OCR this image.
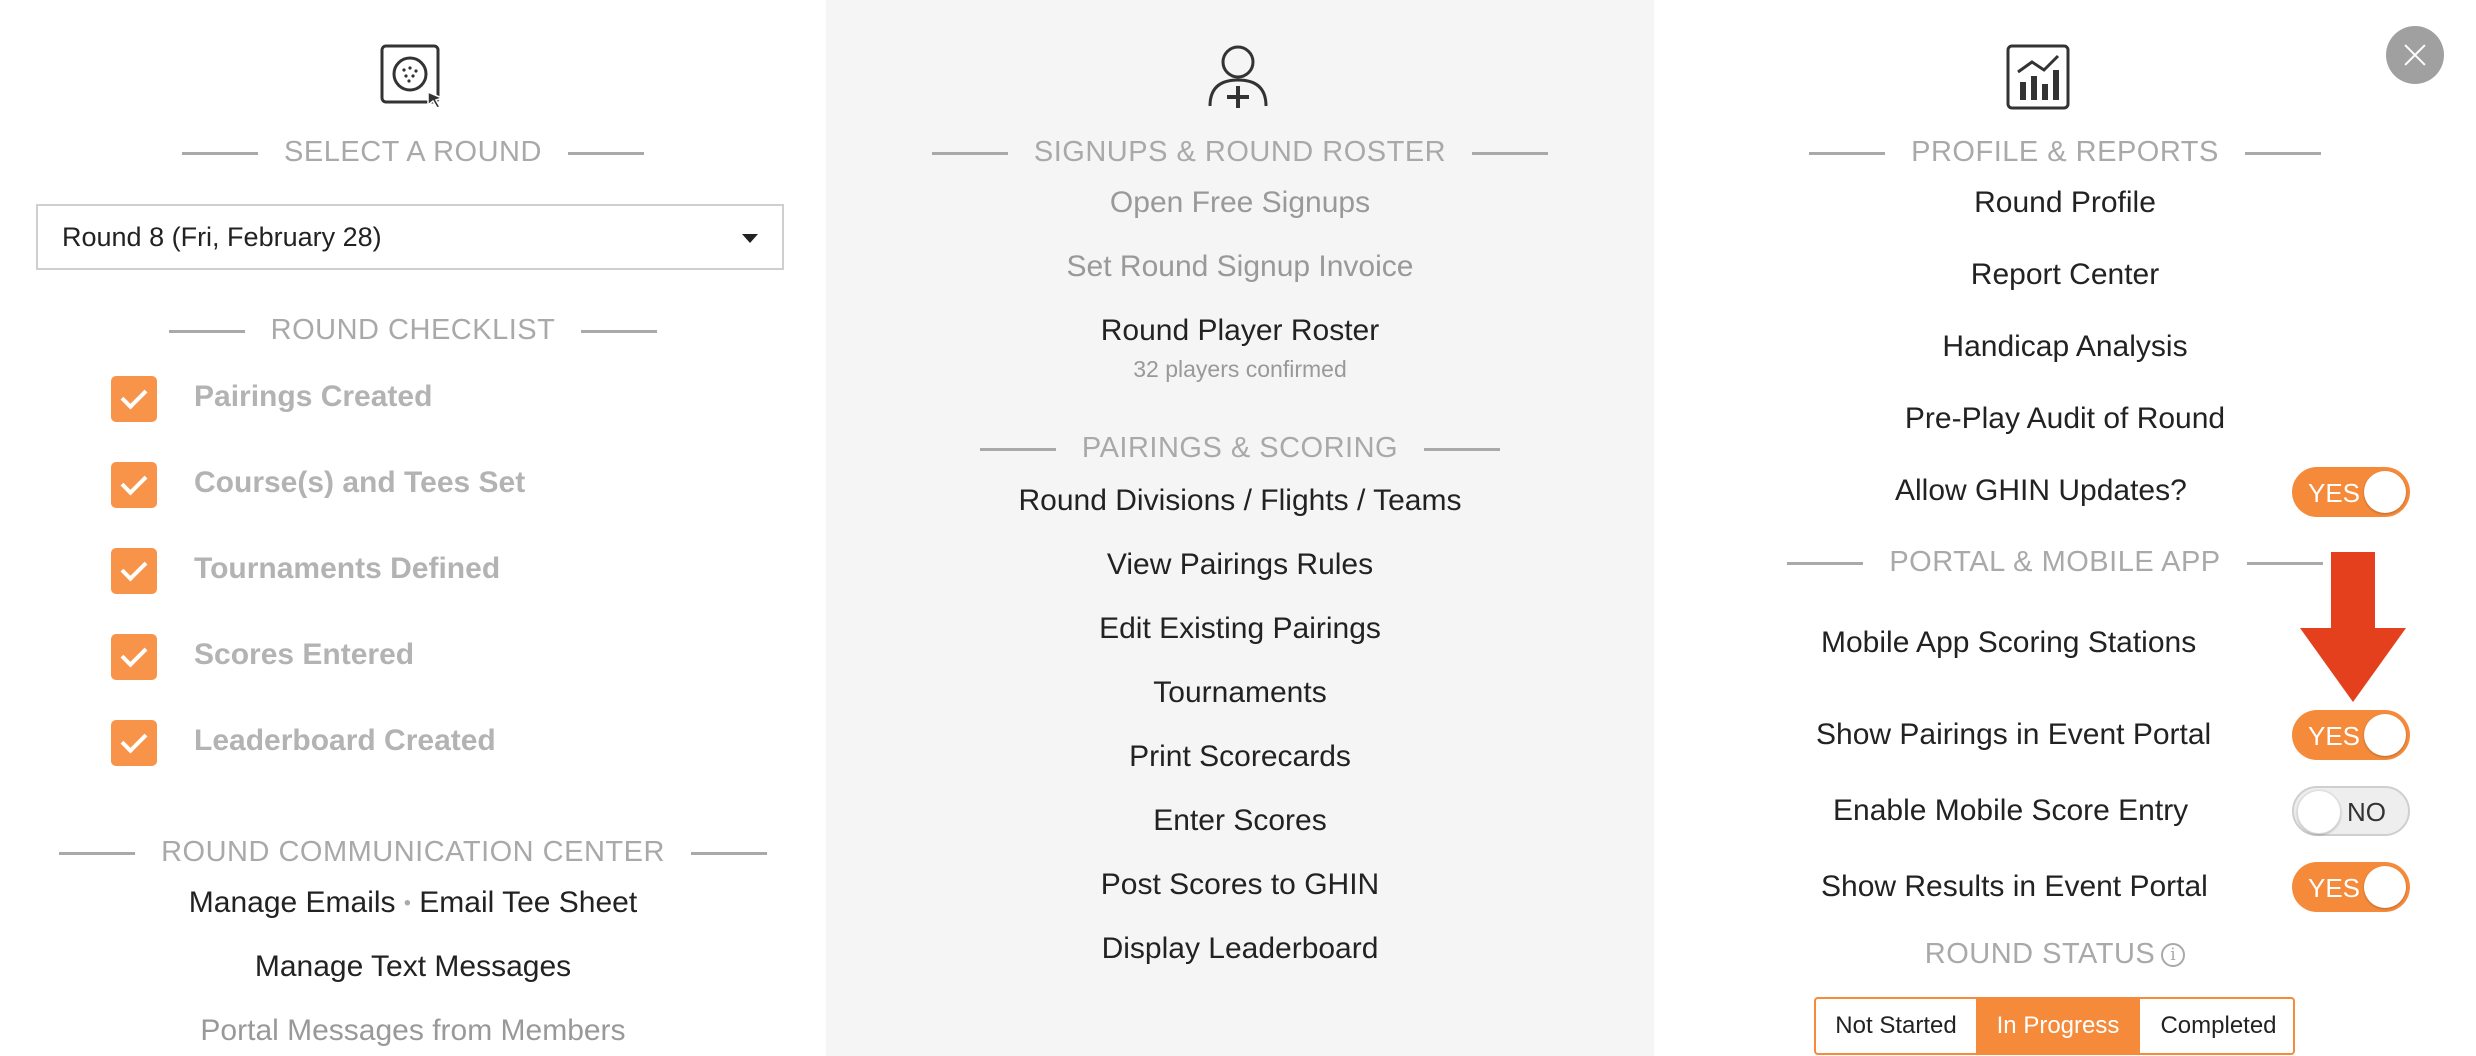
SELECT A ROUND
Round 8 (Fri, February 28)
ROUND CHECKLIST
Pairings Created
Course(s) and Tees Set
Tournaments Defined
Scores Entered
Leaderboard Created
ROUND COMMUNICATION CENTER
Manage Emails • Email Tee Sheet
Manage Text Messages
Portal Messages from Members
SIGNUPS & ROUND ROSTER
Open Free Signups
Set Round Signup Invoice
Round Player Roster
32 players confirmed
PAIRINGS & SCORING
Round Divisions / Flights / Teams
View Pairings Rules
Edit Existing Pairings
Tournaments
Print Scorecards
Enter Scores
Post Scores to GHIN
Display Leaderboard
PROFILE & REPORTS
Round Profile
Report Center
Handicap Analysis
Pre-Play Audit of Round
Allow GHIN Updates?	YES
PORTAL & MOBILE APP
Mobile App Scoring Stations
Show Pairings in Event Portal	YES
Enable Mobile Score Entry	NO
Show Results in Event Portal	YES
ROUND STATUS i
Not Started	In Progress	Completed
